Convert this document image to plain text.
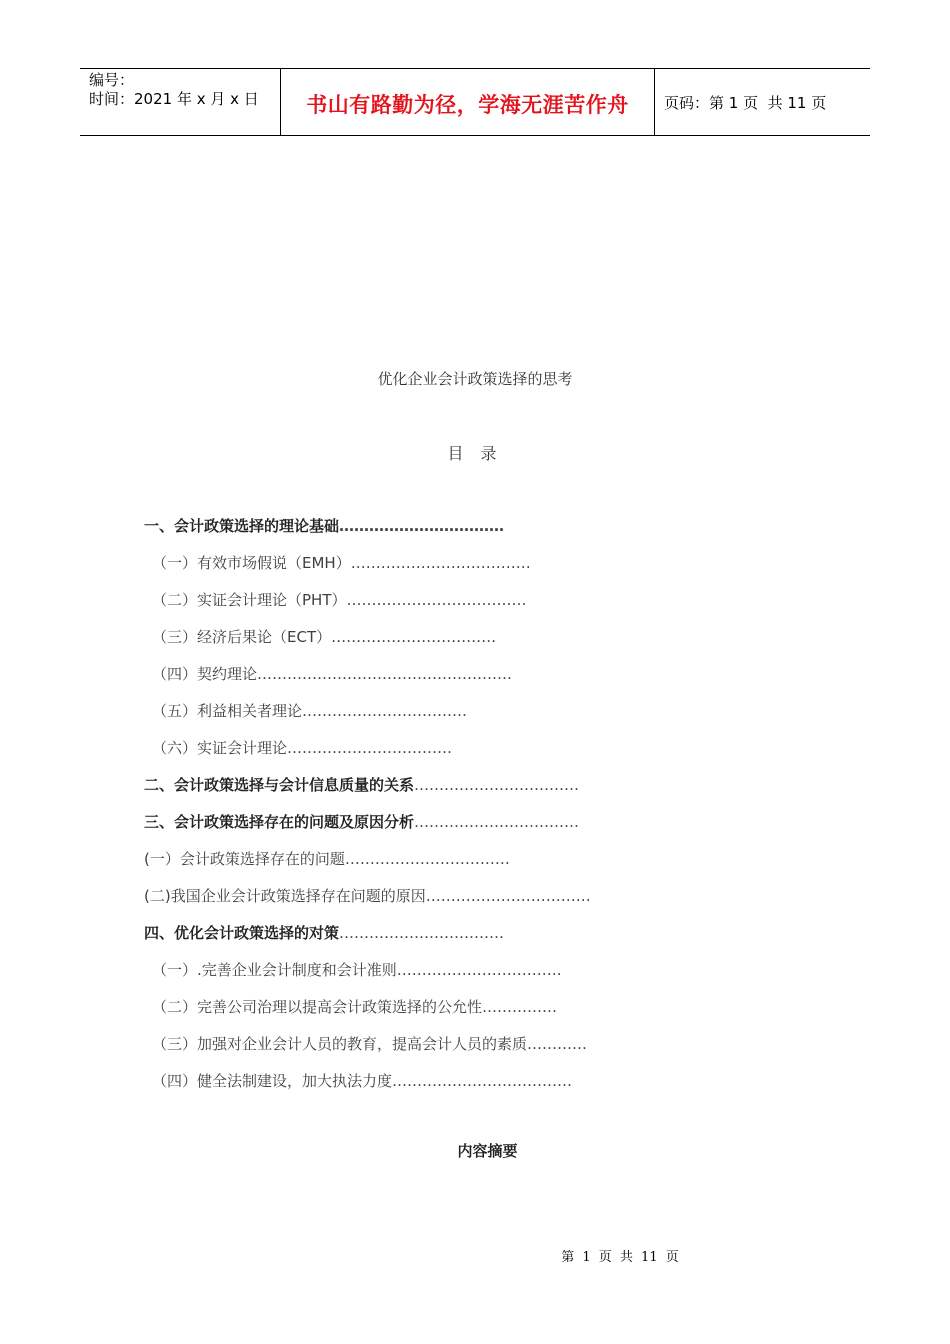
编号：
时间：2021 年 x 月 x 日	书山有路勤为径，学海无涯苦作舟 页码：第 1 页  共 11 页
优化企业会计政策选择的思考
目 录
一、会计政策选择的理论基础……………………………
（一）有效市场假说（EMH）………………………………
（二）实证会计理论（PHT）………………………………
（三）经济后果论（ECT）……………………………
（四）契约理论……………………………………………
（五）利益相关者理论……………………………
（六）实证会计理论……………………………
二、会计政策选择与会计信息质量的关系……………………………
三、会计政策选择存在的问题及原因分析……………………………
(一）会计政策选择存在的问题……………………………
(二)我国企业会计政策选择存在问题的原因……………………………
四、优化会计政策选择的对策……………………………
（一）.完善企业会计制度和会计准则……………………………
（二）完善公司治理以提高会计政策选择的公允性……………
（三）加强对企业会计人员的教育，提高会计人员的素质…………
（四）健全法制建设，加大执法力度………………………………
内容摘要
第 1 页 共 11 页
